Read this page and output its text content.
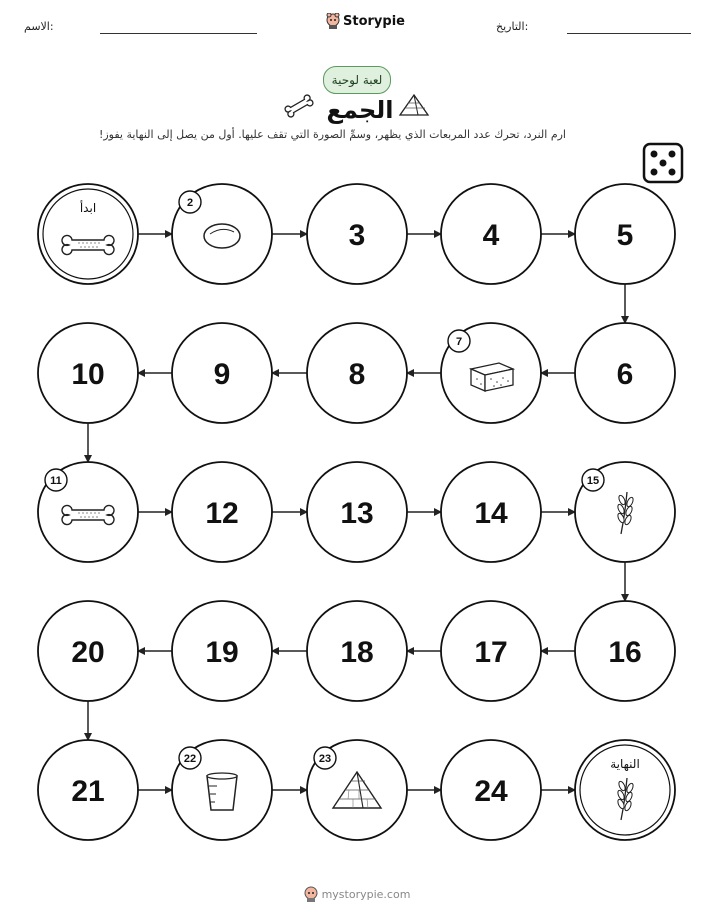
الاسم:	Storypie	التاريخ:
لعبة لوحية
الجمع
ارم النرد، تحرك عدد المربعات الذي يظهر، وسمِّ الصورة التي تقف عليها. أول من يصل إلى النهاية يفوز!
ابدأ	2
3	4	5
6
7
8
9
10
11
12	13	14
15
16
17
18
19
20
21
22	23
24
النهاية
mystorypie.com
